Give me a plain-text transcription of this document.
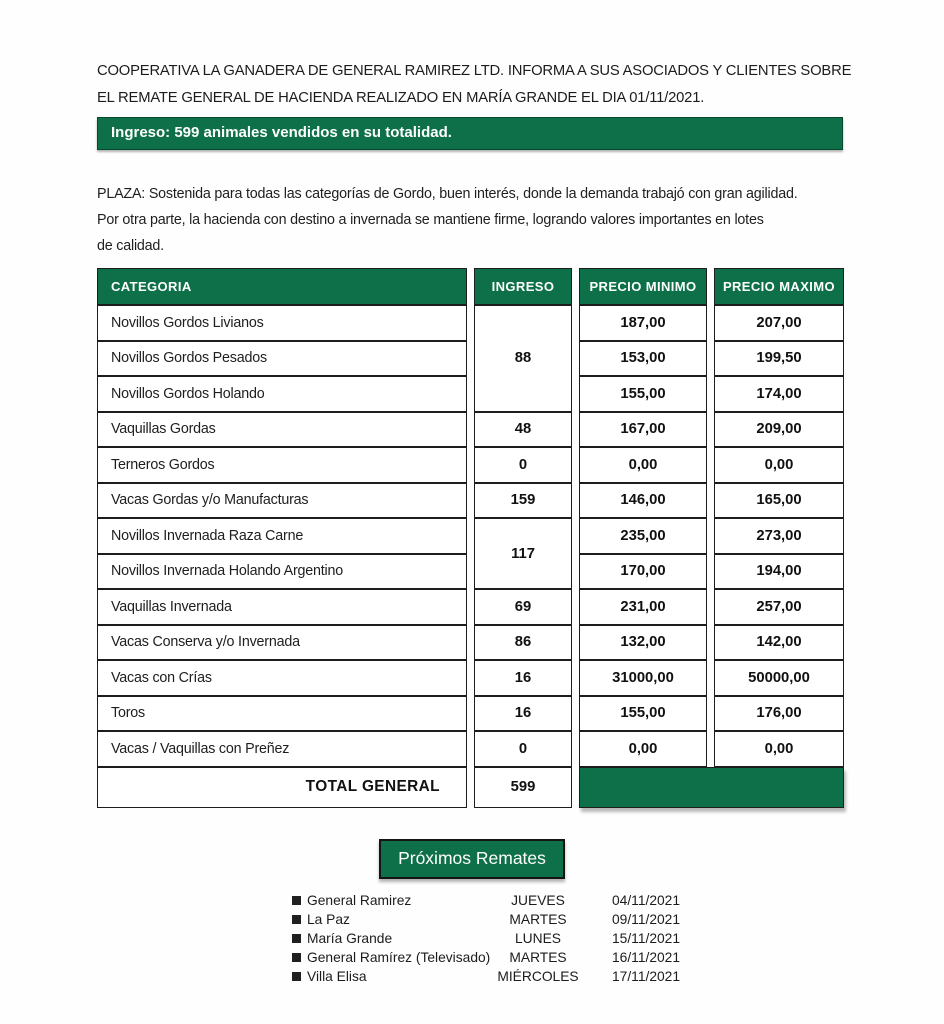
COOPERATIVA LA GANADERA DE GENERAL RAMIREZ LTD. INFORMA A SUS ASOCIADOS Y CLIENTES SOBRE
EL REMATE GENERAL DE HACIENDA REALIZADO EN MARÍA GRANDE EL DIA 01/11/2021.
Ingreso: 599 animales vendidos en su totalidad.
PLAZA: Sostenida para todas las categorías de Gordo, buen interés, donde la demanda trabajó con gran agilidad.
Por otra parte, la hacienda con destino a invernada se mantiene firme, logrando valores importantes en lotes
de calidad.
CATEGORIA	INGRESO	PRECIO MINIMO	PRECIO MAXIMO
Novillos Gordos Livianos	88	187,00	207,00
Novillos Gordos Pesados		153,00	199,50
Novillos Gordos Holando		155,00	174,00
Vaquillas Gordas	48	167,00	209,00
Terneros Gordos	0	0,00	0,00
Vacas Gordas y/o Manufacturas	159	146,00	165,00
Novillos Invernada Raza Carne	117	235,00	273,00
Novillos Invernada Holando Argentino		170,00	194,00
Vaquillas Invernada	69	231,00	257,00
Vacas Conserva y/o Invernada	86	132,00	142,00
Vacas con Crías	16	31000,00	50000,00
Toros	16	155,00	176,00
Vacas / Vaquillas con Preñez	0	0,00	0,00
TOTAL GENERAL	599		
Próximos Remates
General Ramirez	JUEVES	04/11/2021
La Paz	MARTES	09/11/2021
María Grande	LUNES	15/11/2021
General Ramírez (Televisado)	MARTES	16/11/2021
Villa Elisa	MIÉRCOLES	17/11/2021
